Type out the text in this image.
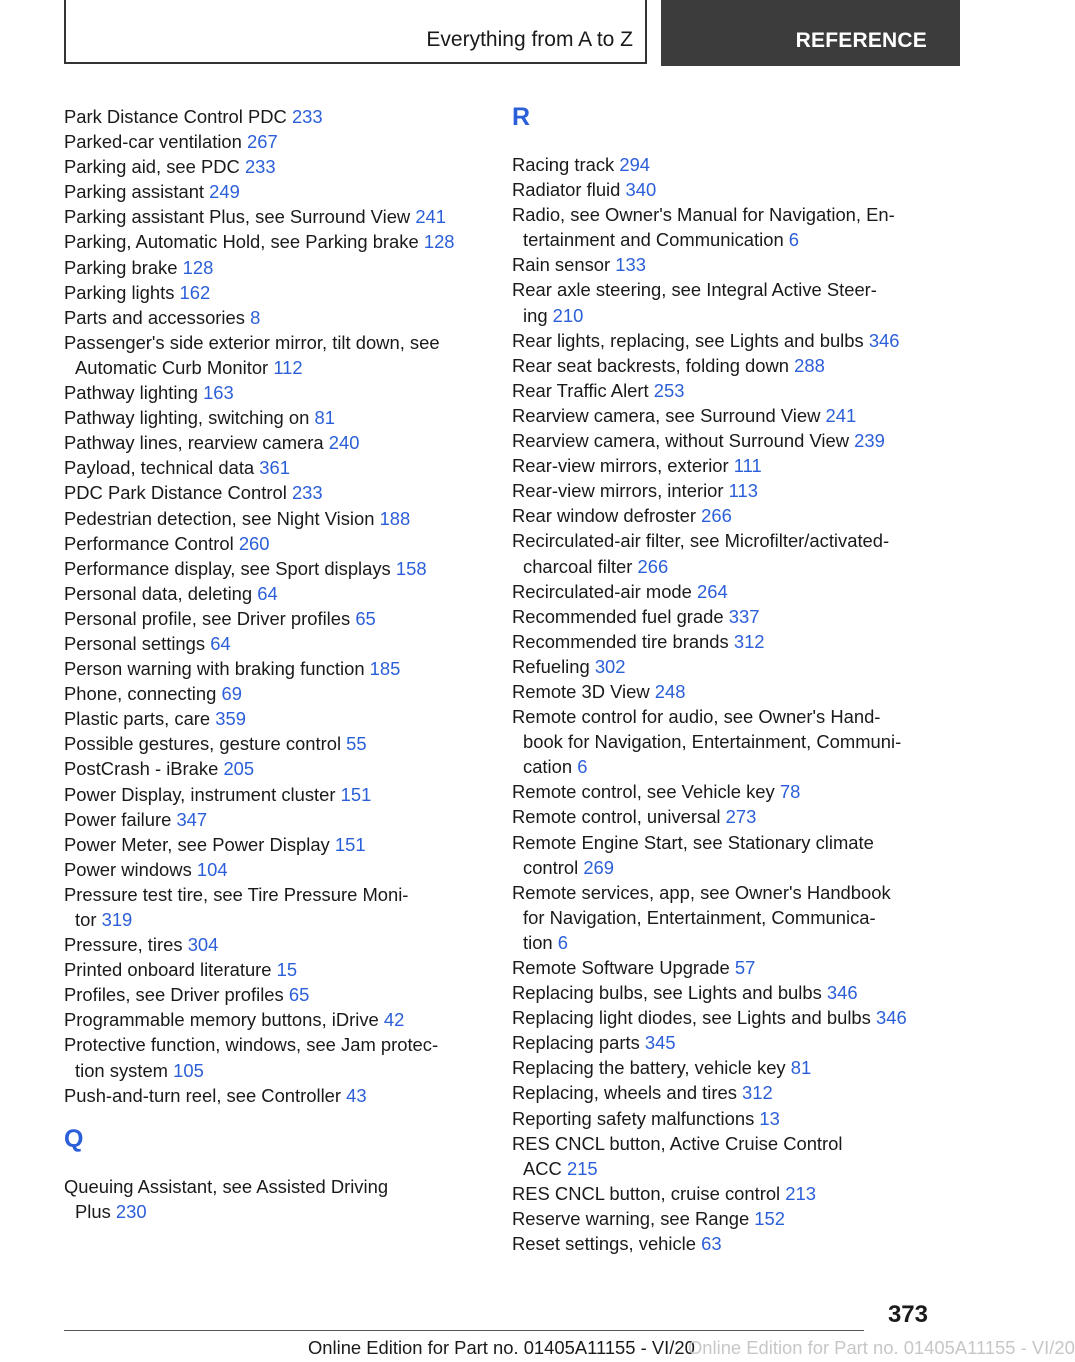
Everything from A to Z	REFERENCE
Park Distance Control PDC 233
Parked-car ventilation 267
Parking aid, see PDC 233
Parking assistant 249
Parking assistant Plus, see Surround View 241
Parking, Automatic Hold, see Parking brake 128
Parking brake 128
Parking lights 162
Parts and accessories 8
Passenger's side exterior mirror, tilt down, see
Automatic Curb Monitor 112
Pathway lighting 163
Pathway lighting, switching on 81
Pathway lines, rearview camera 240
Payload, technical data 361
PDC Park Distance Control 233
Pedestrian detection, see Night Vision 188
Performance Control 260
Performance display, see Sport displays 158
Personal data, deleting 64
Personal profile, see Driver profiles 65
Personal settings 64
Person warning with braking function 185
Phone, connecting 69
Plastic parts, care 359
Possible gestures, gesture control 55
PostCrash - iBrake 205
Power Display, instrument cluster 151
Power failure 347
Power Meter, see Power Display 151
Power windows 104
Pressure test tire, see Tire Pressure Moni-
tor 319
Pressure, tires 304
Printed onboard literature 15
Profiles, see Driver profiles 65
Programmable memory buttons, iDrive 42
Protective function, windows, see Jam protec-
tion system 105
Push-and-turn reel, see Controller 43
Q
Queuing Assistant, see Assisted Driving
Plus 230
R
Racing track 294
Radiator fluid 340
Radio, see Owner's Manual for Navigation, En-
tertainment and Communication 6
Rain sensor 133
Rear axle steering, see Integral Active Steer-
ing 210
Rear lights, replacing, see Lights and bulbs 346
Rear seat backrests, folding down 288
Rear Traffic Alert 253
Rearview camera, see Surround View 241
Rearview camera, without Surround View 239
Rear-view mirrors, exterior 111
Rear-view mirrors, interior 113
Rear window defroster 266
Recirculated-air filter, see Microfilter/activated-
charcoal filter 266
Recirculated-air mode 264
Recommended fuel grade 337
Recommended tire brands 312
Refueling 302
Remote 3D View 248
Remote control for audio, see Owner's Hand-
book for Navigation, Entertainment, Communi-
cation 6
Remote control, see Vehicle key 78
Remote control, universal 273
Remote Engine Start, see Stationary climate
control 269
Remote services, app, see Owner's Handbook
for Navigation, Entertainment, Communica-
tion 6
Remote Software Upgrade 57
Replacing bulbs, see Lights and bulbs 346
Replacing light diodes, see Lights and bulbs 346
Replacing parts 345
Replacing the battery, vehicle key 81
Replacing, wheels and tires 312
Reporting safety malfunctions 13
RES CNCL button, Active Cruise Control
ACC 215
RES CNCL button, cruise control 213
Reserve warning, see Range 152
Reset settings, vehicle 63
373
Online Edition for Part no. 01405A11155 - VI/20
Online Edition for Part no. 01405A11155 - VI/20
